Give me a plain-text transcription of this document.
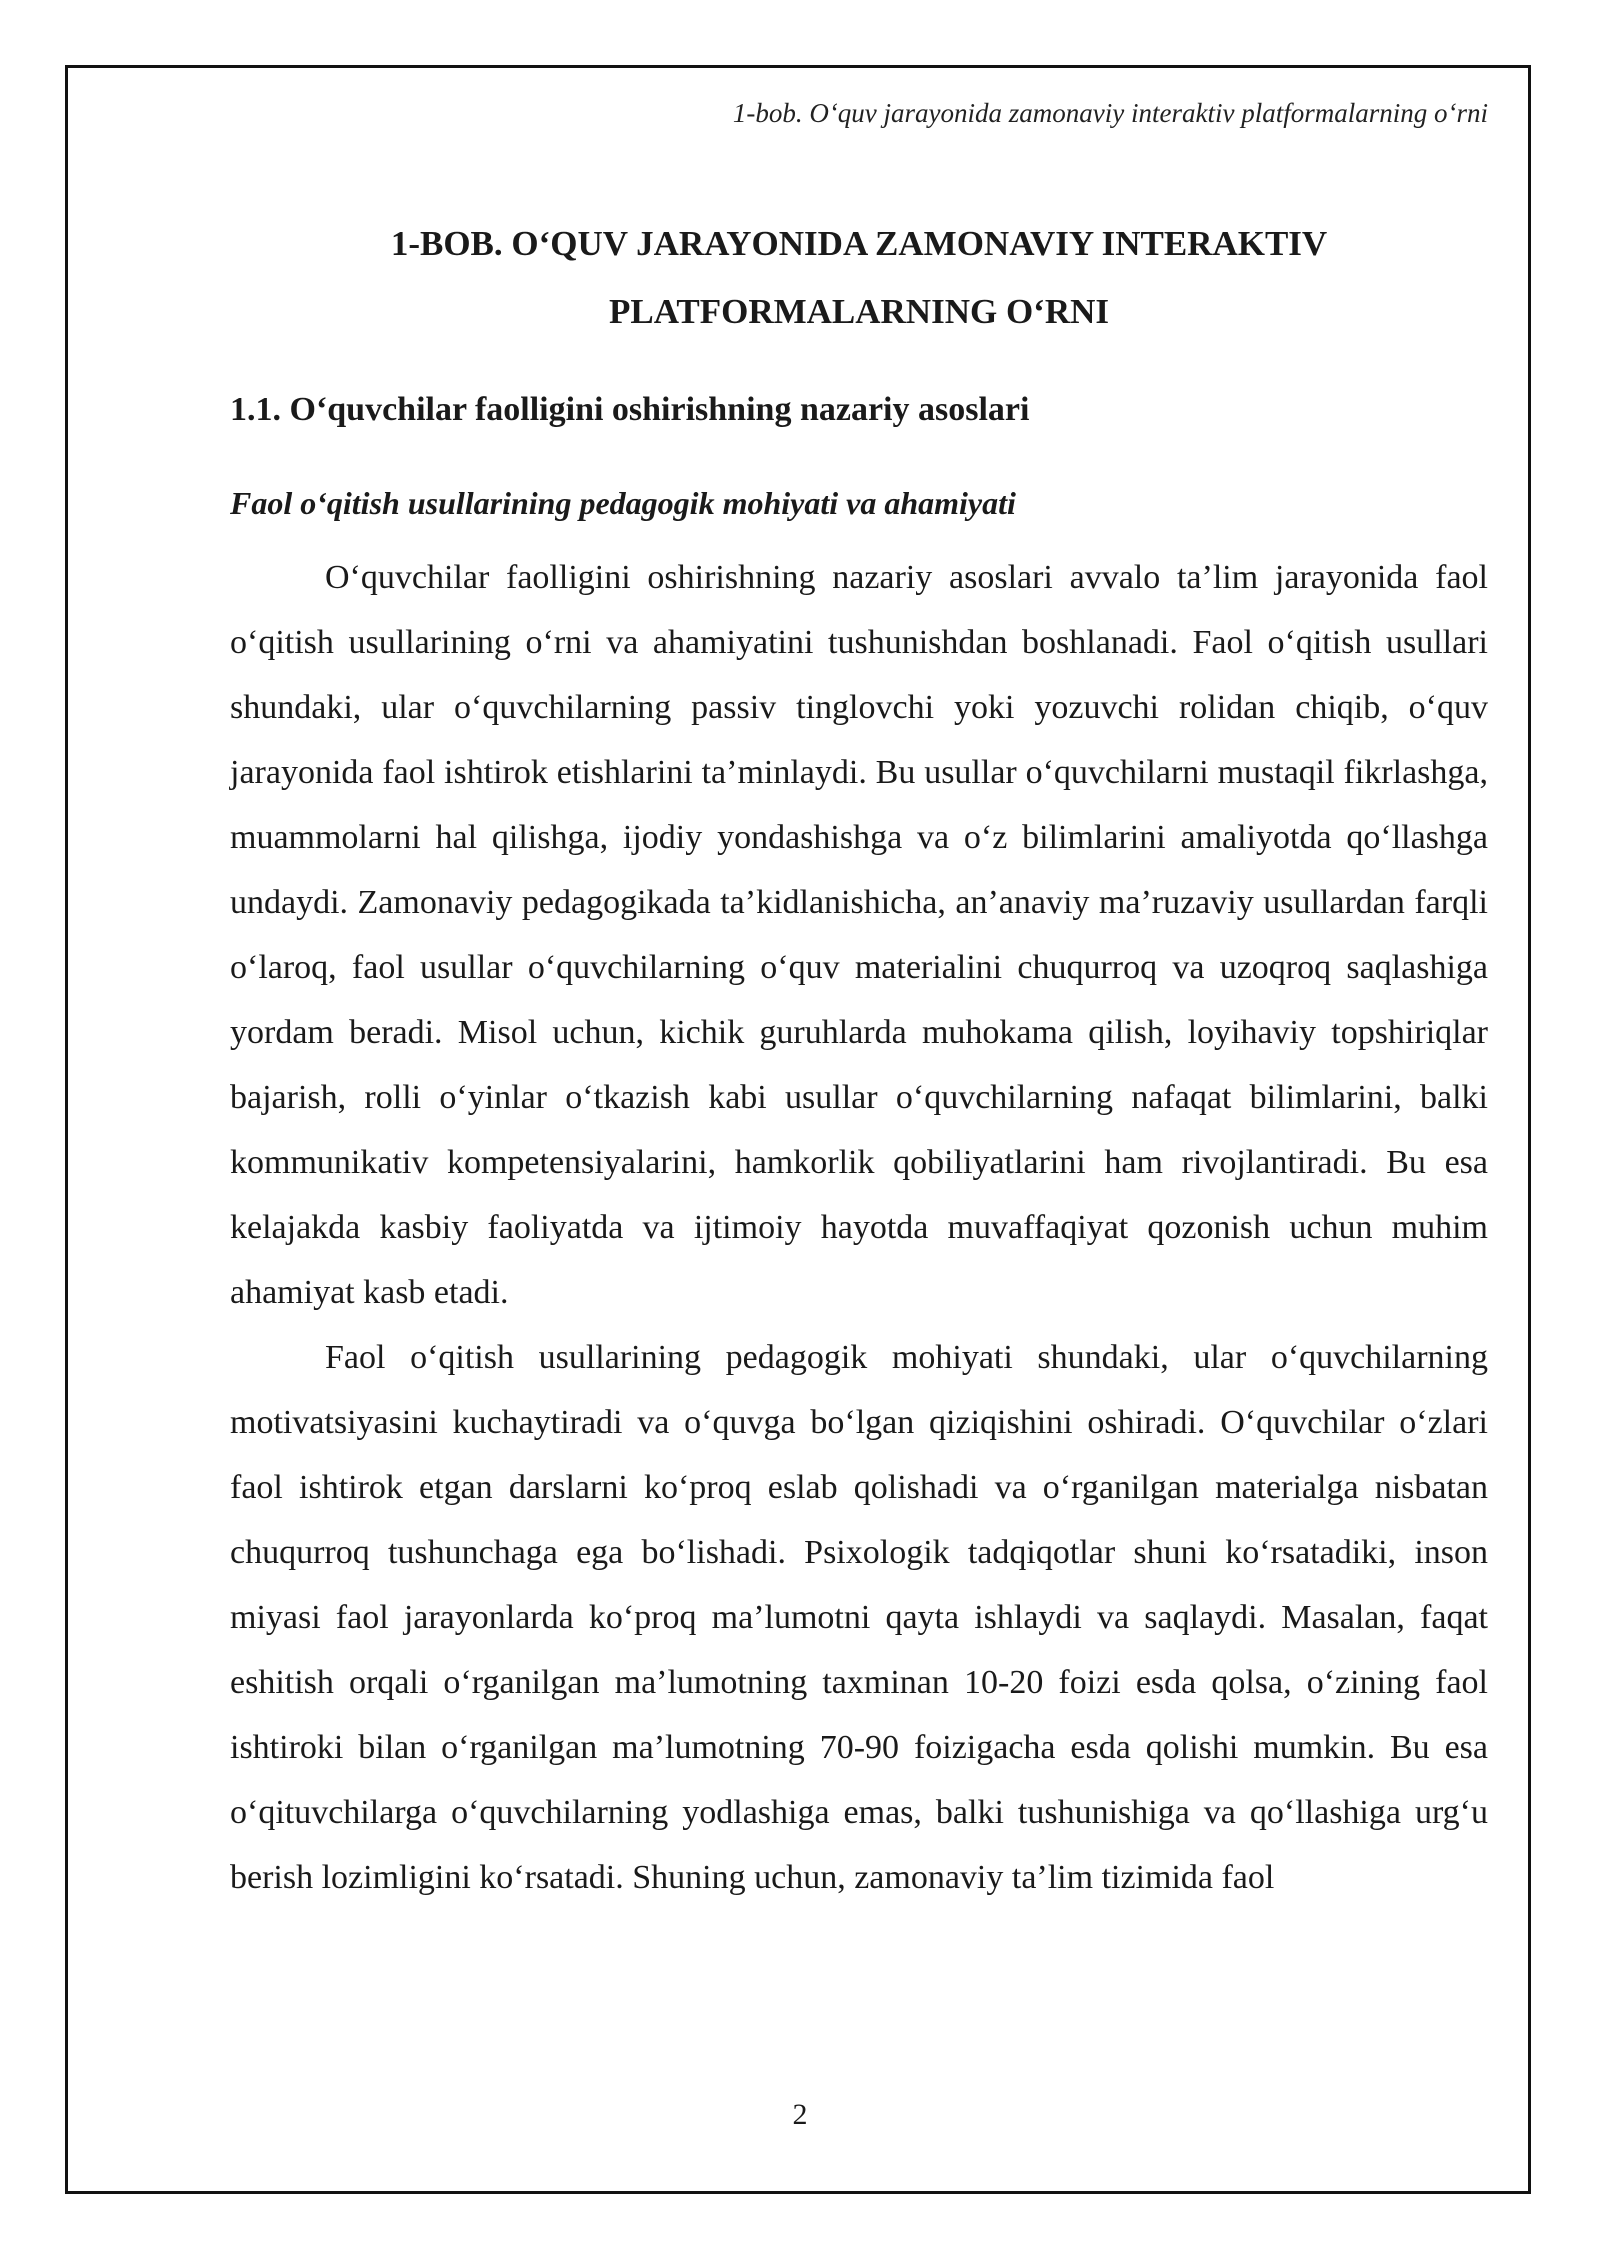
1-bob. O‘quv jarayonida zamonaviy interaktiv platformalarning o‘rni
1-BOB. O‘QUV JARAYONIDA ZAMONAVIY INTERAKTIV
PLATFORMALARNING O‘RNI
1.1. O‘quvchilar faolligini oshirishning nazariy asoslari
Faol o‘qitish usullarining pedagogik mohiyati va ahamiyati

O‘quvchilar faolligini oshirishning nazariy asoslari avvalo ta’lim jarayonida faol o‘qitish usullarining o‘rni va ahamiyatini tushunishdan boshlanadi. Faol o‘qitish usullari shundaki, ular o‘quvchilarning passiv tinglovchi yoki yozuvchi rolidan chiqib, o‘quv jarayonida faol ishtirok etishlarini ta’minlaydi. Bu usullar o‘quvchilarni mustaqil fikrlashga, muammolarni hal qilishga, ijodiy yondashishga va o‘z bilimlarini amaliyotda qo‘llashga undaydi. Zamonaviy pedagogikada ta’kidlanishicha, an’anaviy ma’ruzaviy usullardan farqli o‘laroq, faol usullar o‘quvchilarning o‘quv materialini chuqurroq va uzoqroq saqlashiga yordam beradi. Misol uchun, kichik guruhlarda muhokama qilish, loyihaviy topshiriqlar bajarish, rolli o‘yinlar o‘tkazish kabi usullar o‘quvchilarning nafaqat bilimlarini, balki kommunikativ kompetensiyalarini, hamkorlik qobiliyatlarini ham rivojlantiradi. Bu esa kelajakda kasbiy faoliyatda va ijtimoiy hayotda muvaffaqiyat qozonish uchun muhim ahamiyat kasb etadi.

Faol o‘qitish usullarining pedagogik mohiyati shundaki, ular o‘quvchilarning motivatsiyasini kuchaytiradi va o‘quvga bo‘lgan qiziqishini oshiradi. O‘quvchilar o‘zlari faol ishtirok etgan darslarni ko‘proq eslab qolishadi va o‘rganilgan materialga nisbatan chuqurroq tushunchaga ega bo‘lishadi. Psixologik tadqiqotlar shuni ko‘rsatadiki, inson miyasi faol jarayonlarda ko‘proq ma’lumotni qayta ishlaydi va saqlaydi. Masalan, faqat eshitish orqali o‘rganilgan ma’lumotning taxminan 10-20 foizi esda qolsa, o‘zining faol ishtiroki bilan o‘rganilgan ma’lumotning 70-90 foizigacha esda qolishi mumkin. Bu esa o‘qituvchilarga o‘quvchilarning yodlashiga emas, balki tushunishiga va qo‘llashiga urg‘u berish lozimligini ko‘rsatadi. Shuning uchun, zamonaviy ta’lim tizimida faol

2
